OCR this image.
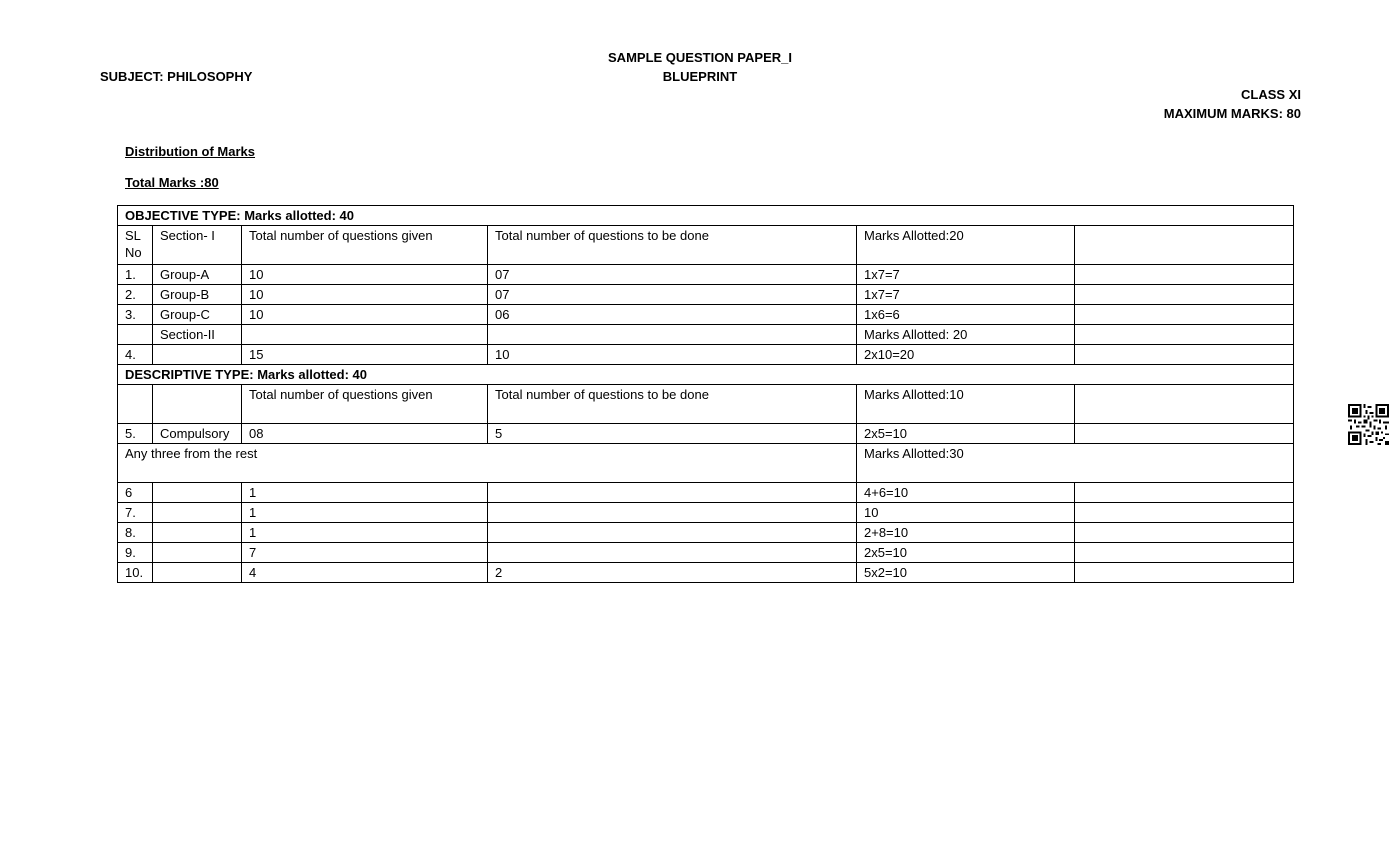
SAMPLE QUESTION PAPER_I
BLUEPRINT
SUBJECT: PHILOSOPHY
CLASS XI
MAXIMUM MARKS: 80
Distribution of Marks
Total Marks :80
OBJECTIVE TYPE: Marks allotted: 40					
SL No	Section- I	Total number of questions given	Total number of questions to be done	Marks Allotted:20	
1.	Group-A	10	07	1x7=7	
2.	Group-B	10	07	1x7=7	
3.	Group-C	10	06	1x6=6	
	Section-II			Marks Allotted: 20	
4.		15	10	2x10=20	
DESCRIPTIVE TYPE: Marks allotted: 40					
		Total number of questions given	Total number of questions to be done	Marks Allotted:10	
5.	Compulsory	08	5	2x5=10	
Any three from the rest				Marks Allotted:30	
6		1		4+6=10	
7.		1		10	
8.		1		2+8=10	
9.		7		2x5=10	
10.		4	2	5x2=10	
